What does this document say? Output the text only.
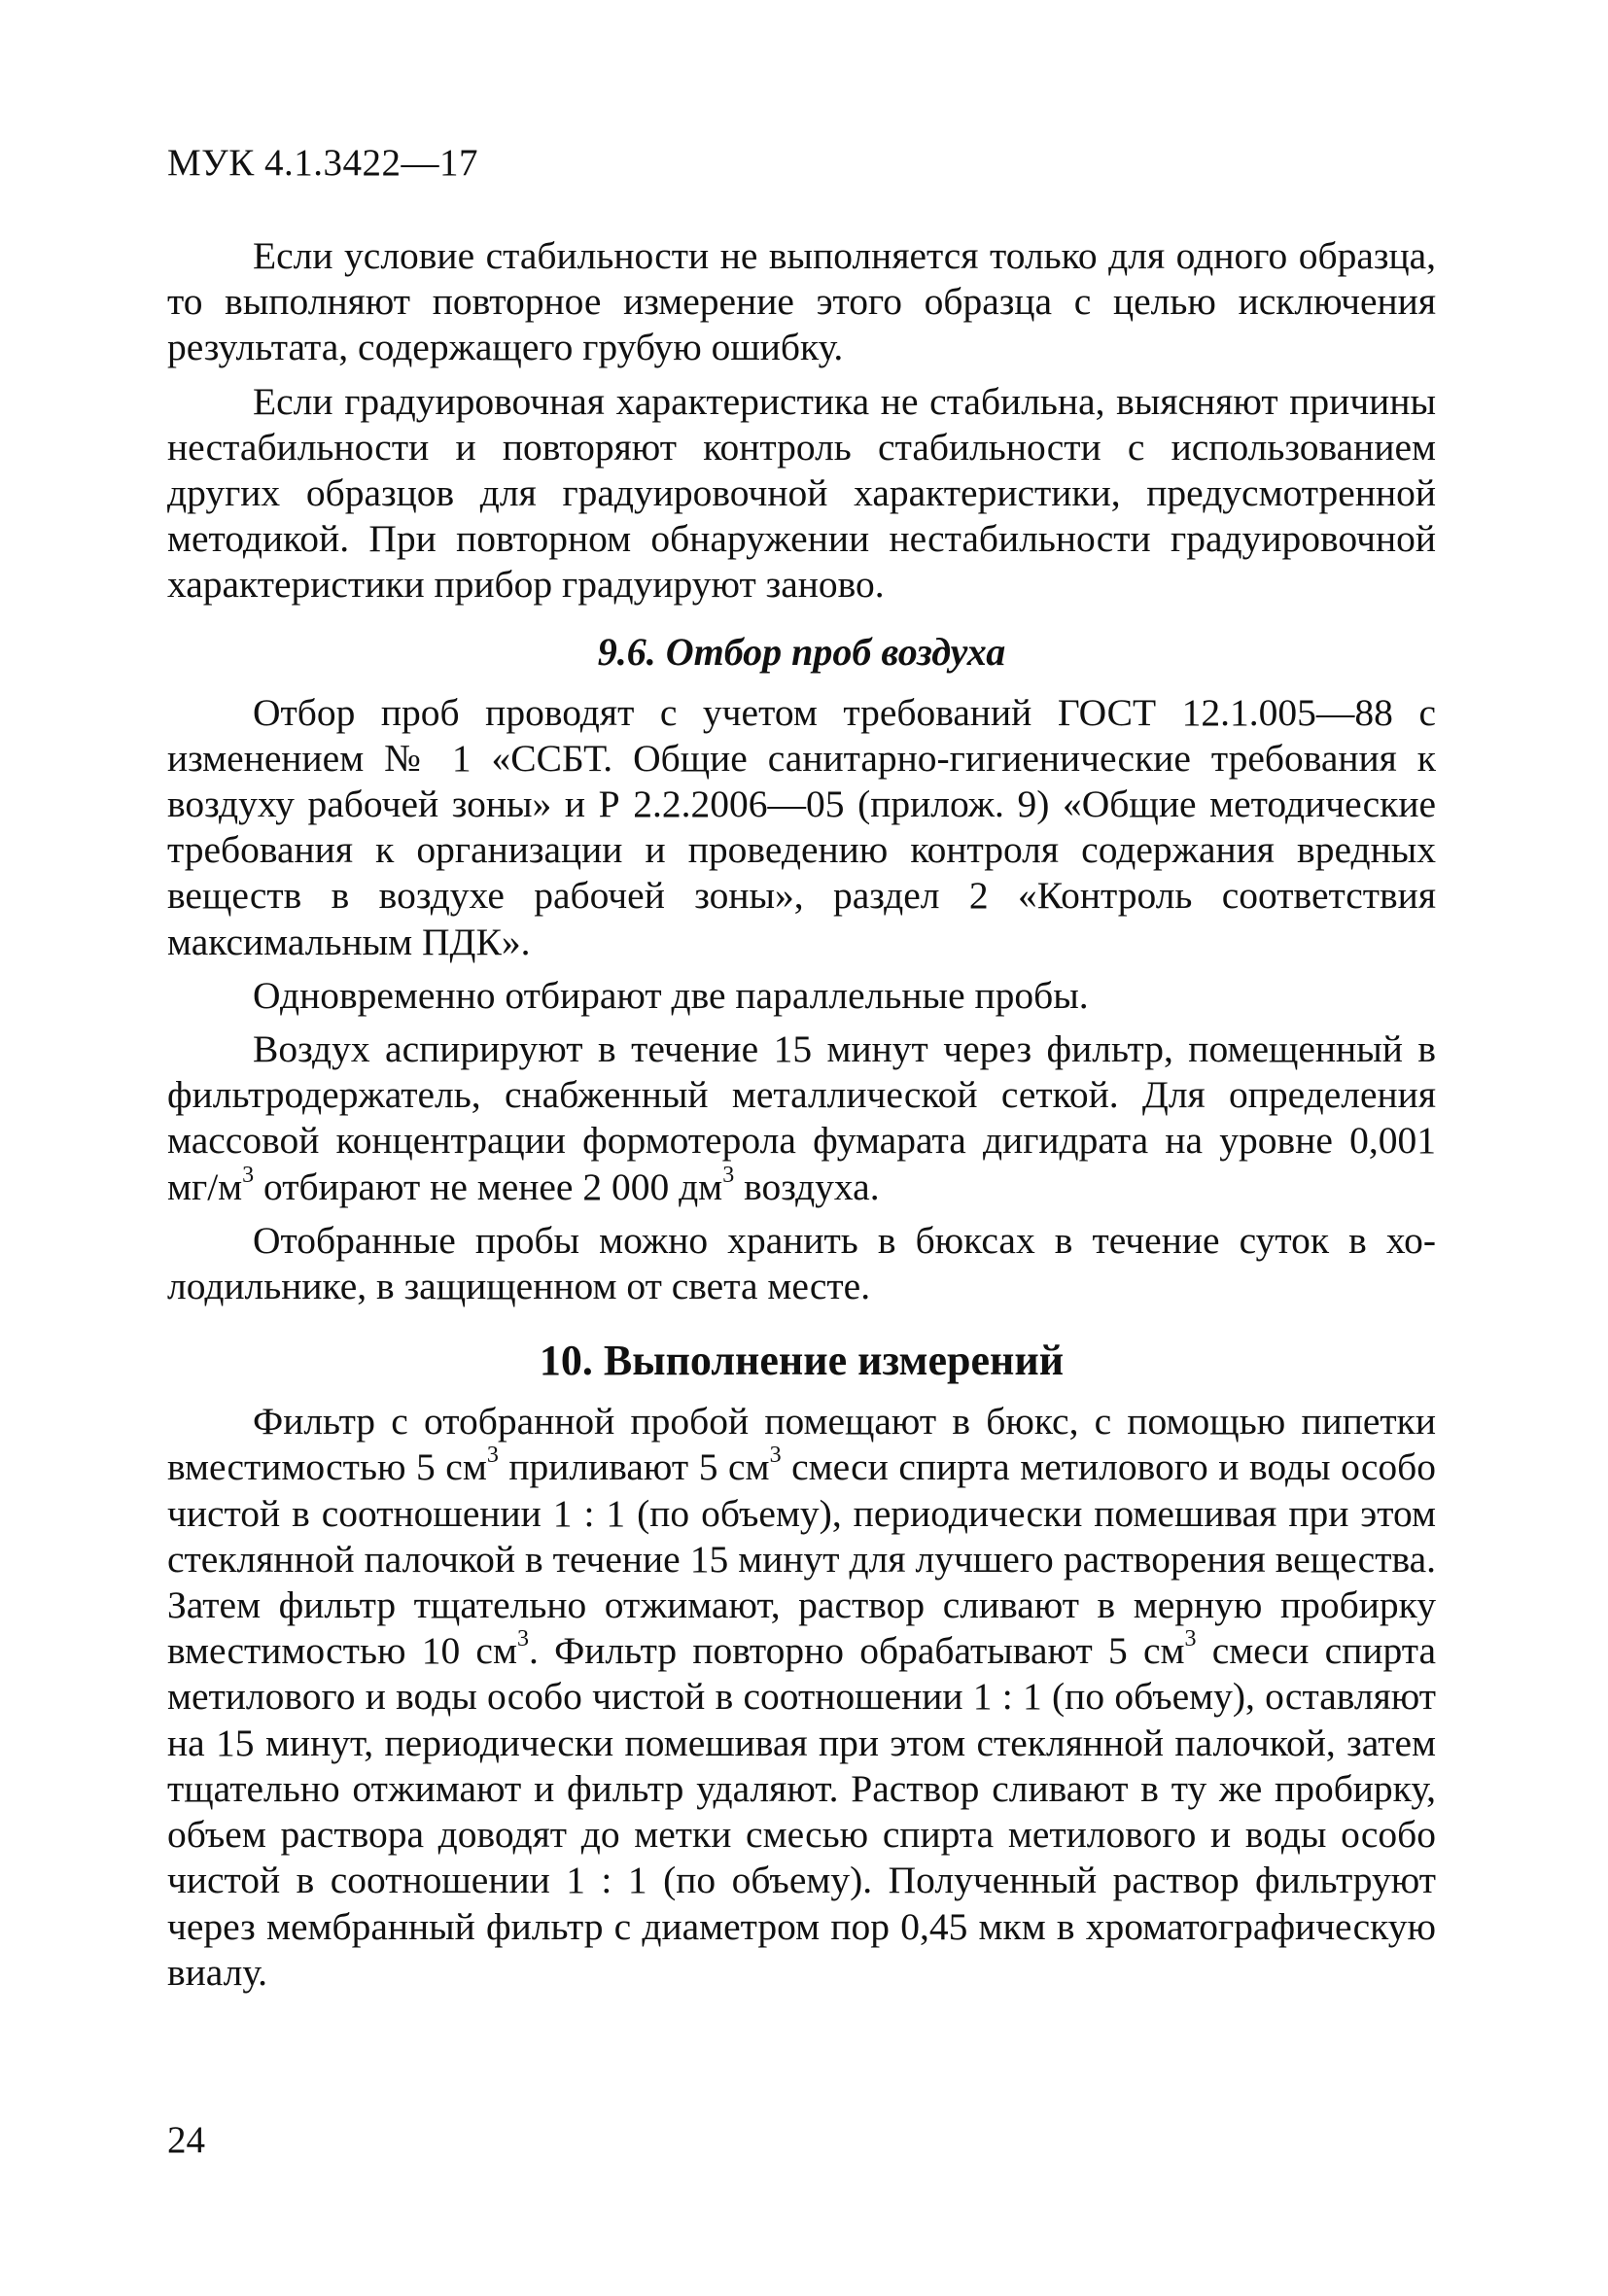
МУК 4.1.3422—17

Если условие стабильности не выполняется только для одного образца, то выполняют повторное измерение этого образца с целью исключения результата, содержащего грубую ошибку.

Если градуировочная характеристика не стабильна, выясняют причины нестабильности и повторяют контроль стабильности с использованием других образцов для градуировочной характеристики, предусмотренной методикой. При повторном обнаружении нестабильности градуировочной характеристики прибор градуируют заново.

9.6. Отбор проб воздуха

Отбор проб проводят с учетом требований ГОСТ 12.1.005—88 с изменением № 1 «ССБТ. Общие санитарно-гигиенические требования к воздуху рабочей зоны» и Р 2.2.2006—05 (прилож. 9) «Общие методические требования к организации и проведению контроля содержания вредных веществ в воздухе рабочей зоны», раздел 2 «Контроль соответствия максимальным ПДК».

Одновременно отбирают две параллельные пробы.

Воздух аспирируют в течение 15 минут через фильтр, помещенный в фильтродержатель, снабженный металлической сеткой. Для определения массовой концентрации формотерола фумарата дигидрата на уровне 0,001 $мг/м^3$ отбирают не менее 2 000 $дм^3$ воздуха.

Отобранные пробы можно хранить в бюксах в течение суток в холодильнике, в защищенном от света месте.

10. Выполнение измерений

Фильтр с отобранной пробой помещают в бюкс, с помощью пипетки вместимостью 5 $см^3$ приливают 5 $см^3$ смеси спирта метилового и воды особо чистой в соотношении 1 : 1 (по объему), периодически помешивая при этом стеклянной палочкой в течение 15 минут для лучшего растворения вещества. Затем фильтр тщательно отжимают, раствор сливают в мерную пробирку вместимостью 10 $см^3$. Фильтр повторно обрабатывают 5 $см^3$ смеси спирта метилового и воды особо чистой в соотношении 1 : 1 (по объему), оставляют на 15 минут, периодически помешивая при этом стеклянной палочкой, затем тщательно отжимают и фильтр удаляют. Раствор сливают в ту же пробирку, объем раствора доводят до метки смесью спирта метилового и воды особо чистой в соотношении 1 : 1 (по объему). Полученный раствор фильтруют через мембранный фильтр с диаметром пор 0,45 мкм в хроматографическую виалу.

24
